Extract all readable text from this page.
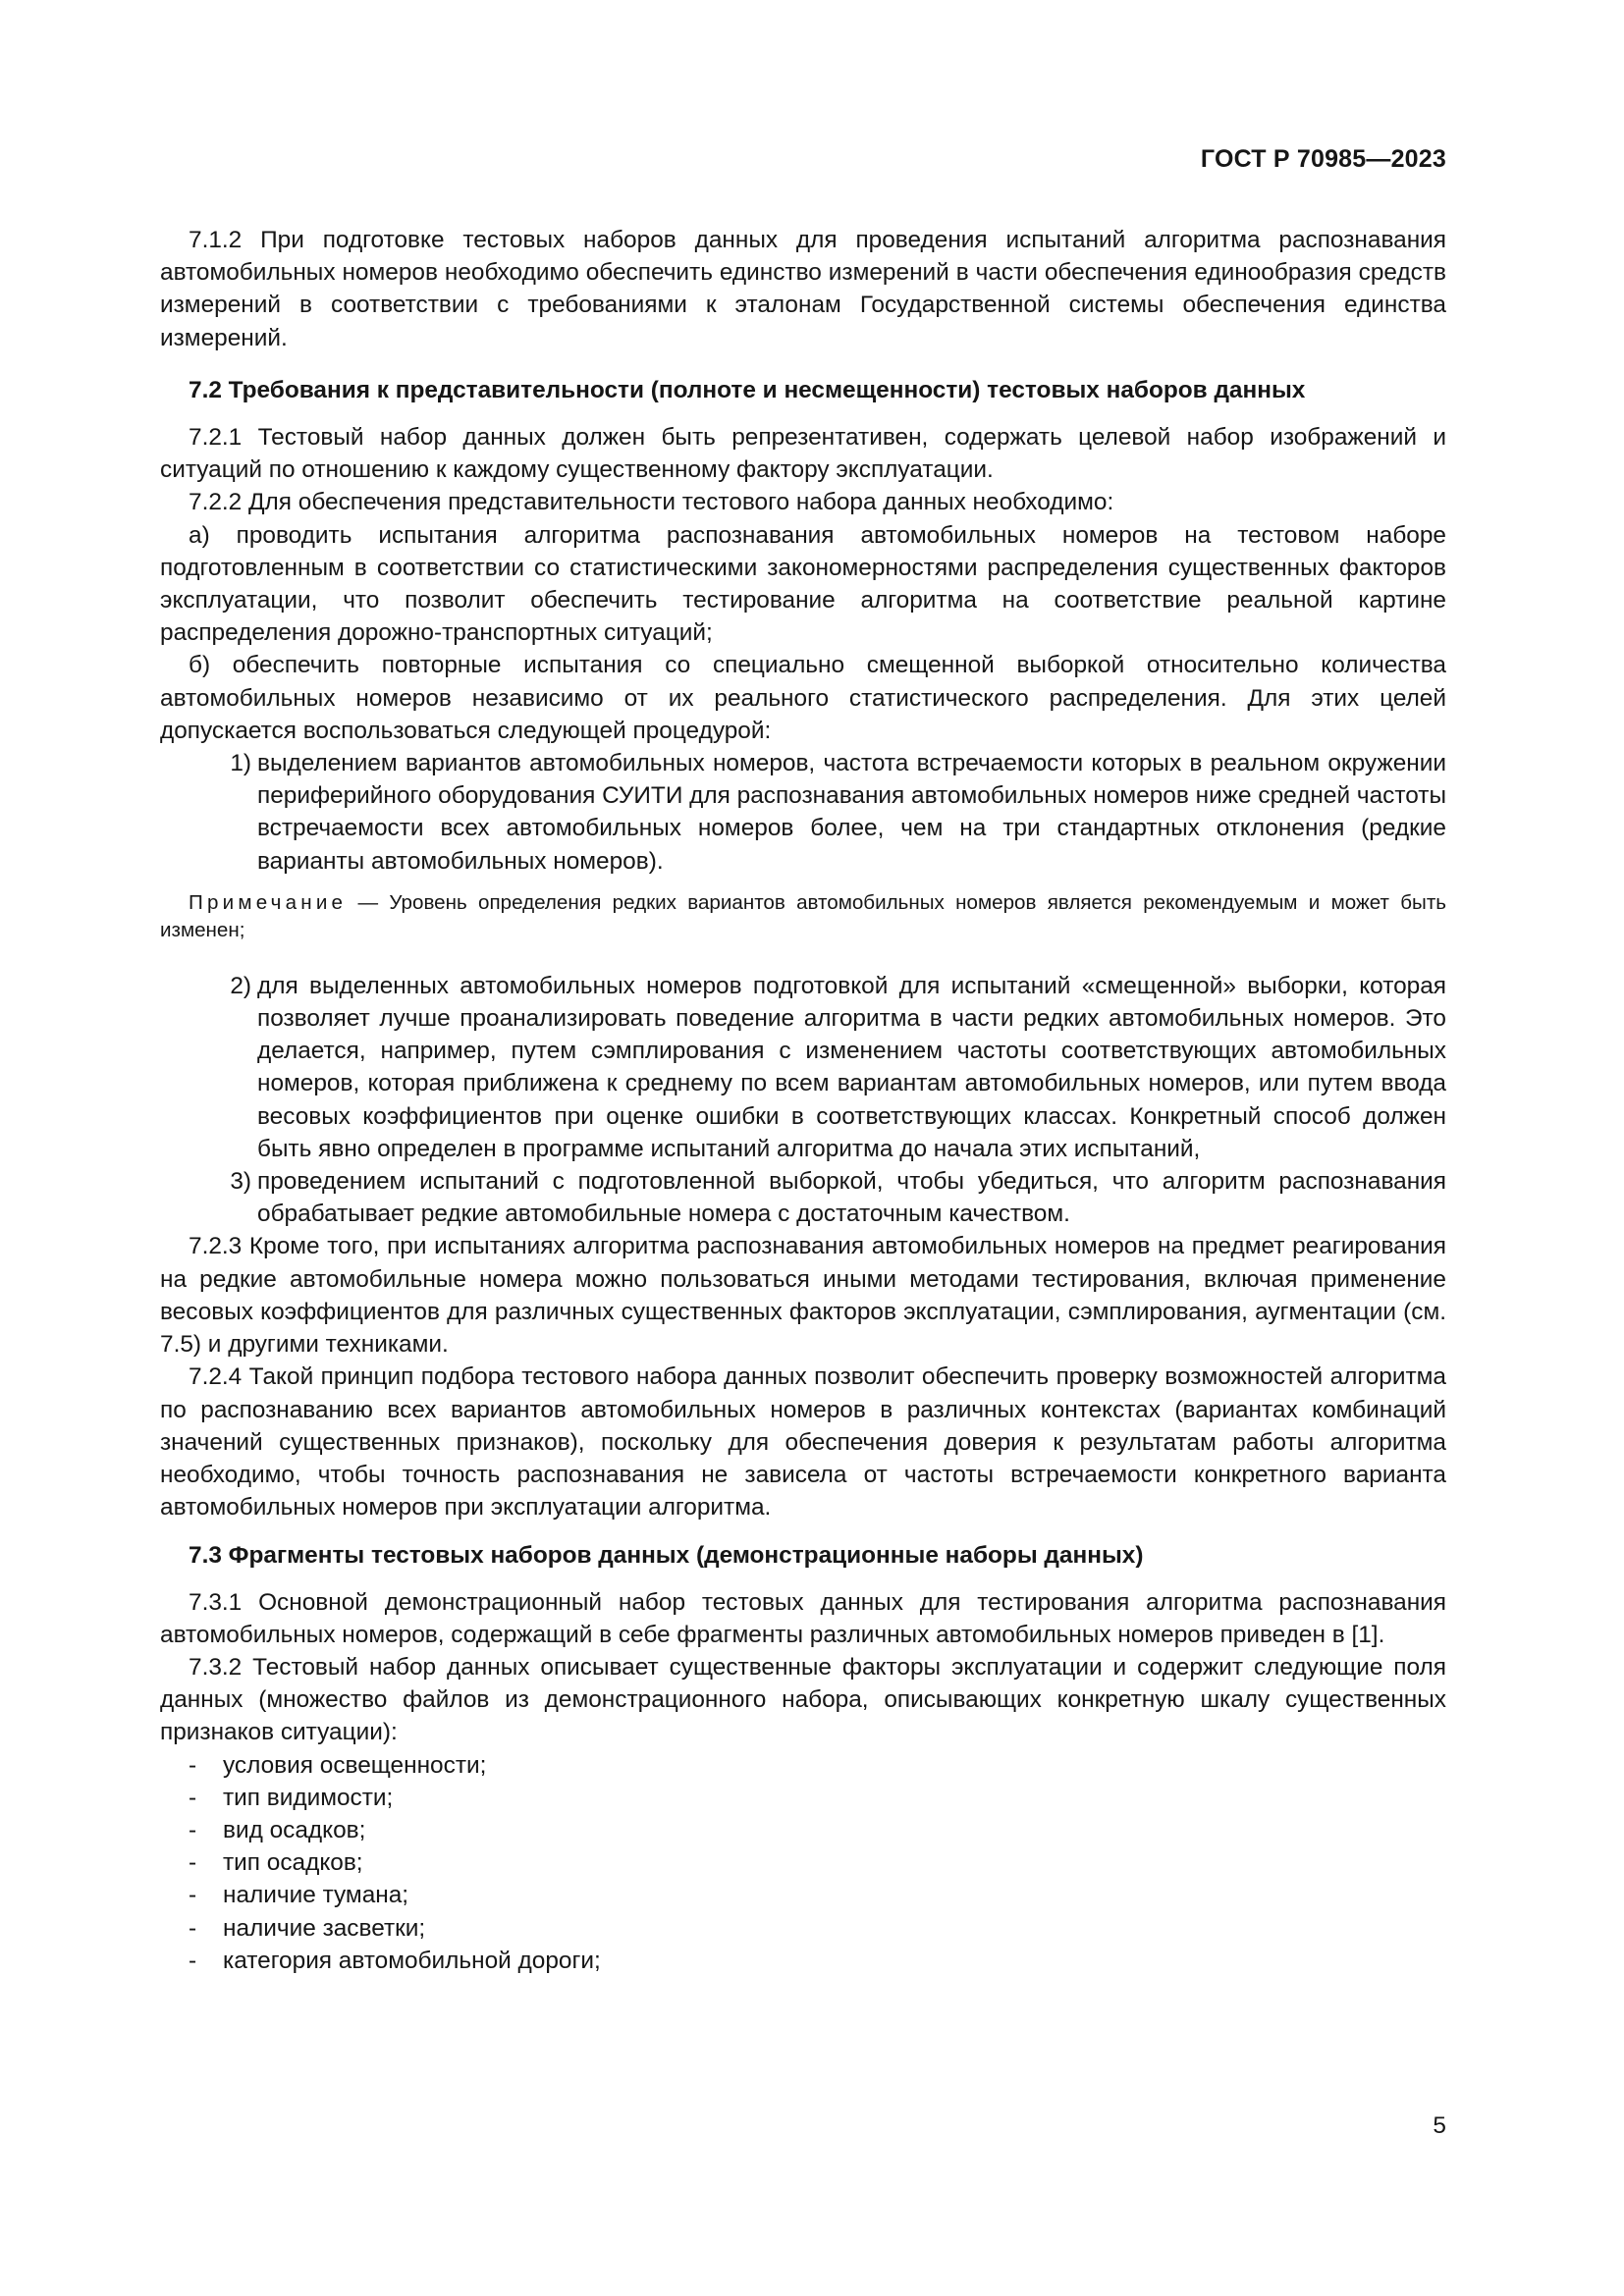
ГОСТ Р 70985—2023

7.1.2 При подготовке тестовых наборов данных для проведения испытаний алгоритма распознавания автомобильных номеров необходимо обеспечить единство измерений в части обеспечения единообразия средств измерений в соответствии с требованиями к эталонам Государственной системы обеспечения единства измерений.

7.2 Требования к представительности (полноте и несмещенности) тестовых наборов данных

7.2.1 Тестовый набор данных должен быть репрезентативен, содержать целевой набор изображений и ситуаций по отношению к каждому существенному фактору эксплуатации.

7.2.2 Для обеспечения представительности тестового набора данных необходимо:

а) проводить испытания алгоритма распознавания автомобильных номеров на тестовом наборе подготовленным в соответствии со статистическими закономерностями распределения существенных факторов эксплуатации, что позволит обеспечить тестирование алгоритма на соответствие реальной картине распределения дорожно-транспортных ситуаций;

б) обеспечить повторные испытания со специально смещенной выборкой относительно количества автомобильных номеров независимо от их реального статистического распределения. Для этих целей допускается воспользоваться следующей процедурой:

1) выделением вариантов автомобильных номеров, частота встречаемости которых в реальном окружении периферийного оборудования СУИТИ для распознавания автомобильных номеров ниже средней частоты встречаемости всех автомобильных номеров более, чем на три стандартных отклонения (редкие варианты автомобильных номеров).

Примечание — Уровень определения редких вариантов автомобильных номеров является рекомендуемым и может быть изменен;

2) для выделенных автомобильных номеров подготовкой для испытаний «смещенной» выборки, которая позволяет лучше проанализировать поведение алгоритма в части редких автомобильных номеров. Это делается, например, путем сэмплирования с изменением частоты соответствующих автомобильных номеров, которая приближена к среднему по всем вариантам автомобильных номеров, или путем ввода весовых коэффициентов при оценке ошибки в соответствующих классах. Конкретный способ должен быть явно определен в программе испытаний алгоритма до начала этих испытаний,
3) проведением испытаний с подготовленной выборкой, чтобы убедиться, что алгоритм распознавания обрабатывает редкие автомобильные номера с достаточным качеством.

7.2.3 Кроме того, при испытаниях алгоритма распознавания автомобильных номеров на предмет реагирования на редкие автомобильные номера можно пользоваться иными методами тестирования, включая применение весовых коэффициентов для различных существенных факторов эксплуатации, сэмплирования, аугментации (см. 7.5) и другими техниками.

7.2.4 Такой принцип подбора тестового набора данных позволит обеспечить проверку возможностей алгоритма по распознаванию всех вариантов автомобильных номеров в различных контекстах (вариантах комбинаций значений существенных признаков), поскольку для обеспечения доверия к результатам работы алгоритма необходимо, чтобы точность распознавания не зависела от частоты встречаемости конкретного варианта автомобильных номеров при эксплуатации алгоритма.

7.3 Фрагменты тестовых наборов данных (демонстрационные наборы данных)

7.3.1 Основной демонстрационный набор тестовых данных для тестирования алгоритма распознавания автомобильных номеров, содержащий в себе фрагменты различных автомобильных номеров приведен в [1].

7.3.2 Тестовый набор данных описывает существенные факторы эксплуатации и содержит следующие поля данных (множество файлов из демонстрационного набора, описывающих конкретную шкалу существенных признаков ситуации):

-	условия освещенности;
-	тип видимости;
-	вид осадков;
-	тип осадков;
-	наличие тумана;
-	наличие засветки;
-	категория автомобильной дороги;
5
